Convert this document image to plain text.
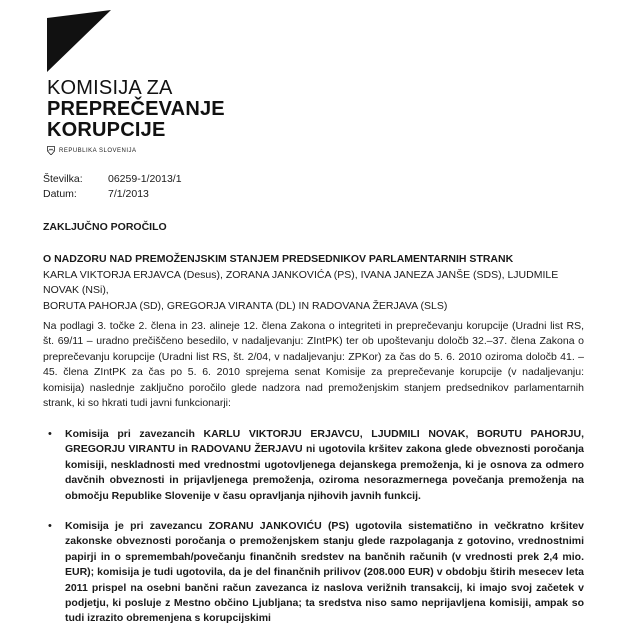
KOMISIJA ZA
PREPREČEVANJE
KORUPCIJE
REPUBLIKA SLOVENIJA
Številka:	06259-1/2013/1
Datum:	7/1/2013
ZAKLJUČNO POROČILO
O NADZORU NAD PREMOŽENJSKIM STANJEM PREDSEDNIKOV PARLAMENTARNIH STRANK
KARLA VIKTORJA ERJAVCA (Desus), ZORANA JANKOVIĆA (PS), IVANA JANEZA JANŠE (SDS), LJUDMILE NOVAK (NSi),
BORUTA PAHORJA (SD), GREGORJA VIRANTA (DL) IN RADOVANA ŽERJAVA (SLS)
Na podlagi 3. točke 2. člena in 23. alineje 12. člena Zakona o integriteti in preprečevanju korupcije (Uradni list RS, št. 69/11 – uradno prečiščeno besedilo, v nadaljevanju: ZIntPK) ter ob upoštevanju določb 32.–37. člena Zakona o preprečevanju korupcije (Uradni list RS, št. 2/04, v nadaljevanju: ZPKor) za čas do 5. 6. 2010 oziroma določb 41. – 45. člena ZIntPK za čas po 5. 6. 2010 sprejema senat Komisije za preprečevanje korupcije (v nadaljevanju: komisija) naslednje zaključno poročilo glede nadzora nad premoženjskim stanjem predsednikov parlamentarnih strank, ki so hkrati tudi javni funkcionarji:
•	Komisija pri zavezancih KARLU VIKTORJU ERJAVCU, LJUDMILI NOVAK, BORUTU PAHORJU, GREGORJU VIRANTU in RADOVANU ŽERJAVU ni ugotovila kršitev zakona glede obveznosti poročanja komisiji, neskladnosti med vrednostmi ugotovljenega dejanskega premoženja, ki je osnova za odmero davčnih obveznosti in prijavljenega premoženja, oziroma nesorazmernega povečanja premoženja na območju Republike Slovenije v času opravljanja njihovih javnih funkcij.
•	Komisija je pri zavezancu ZORANU JANKOVIĆU (PS) ugotovila sistematično in večkratno kršitev zakonske obveznosti poročanja o premoženjskem stanju glede razpolaganja z gotovino, vrednostnimi papirji in o spremembah/povečanju finančnih sredstev na bančnih računih (v vrednosti prek 2,4 mio. EUR); komisija je tudi ugotovila, da je del finančnih prilivov (208.000 EUR) v obdobju štirih mesecev leta 2011 prispel na osebni bančni račun zavezanca iz naslova verižnih transakcij, ki imajo svoj začetek v podjetju, ki posluje z Mestno občino Ljubljana; ta sredstva niso samo neprijavljena komisiji, ampak so tudi izrazito obremenjena s korupcijskimi
